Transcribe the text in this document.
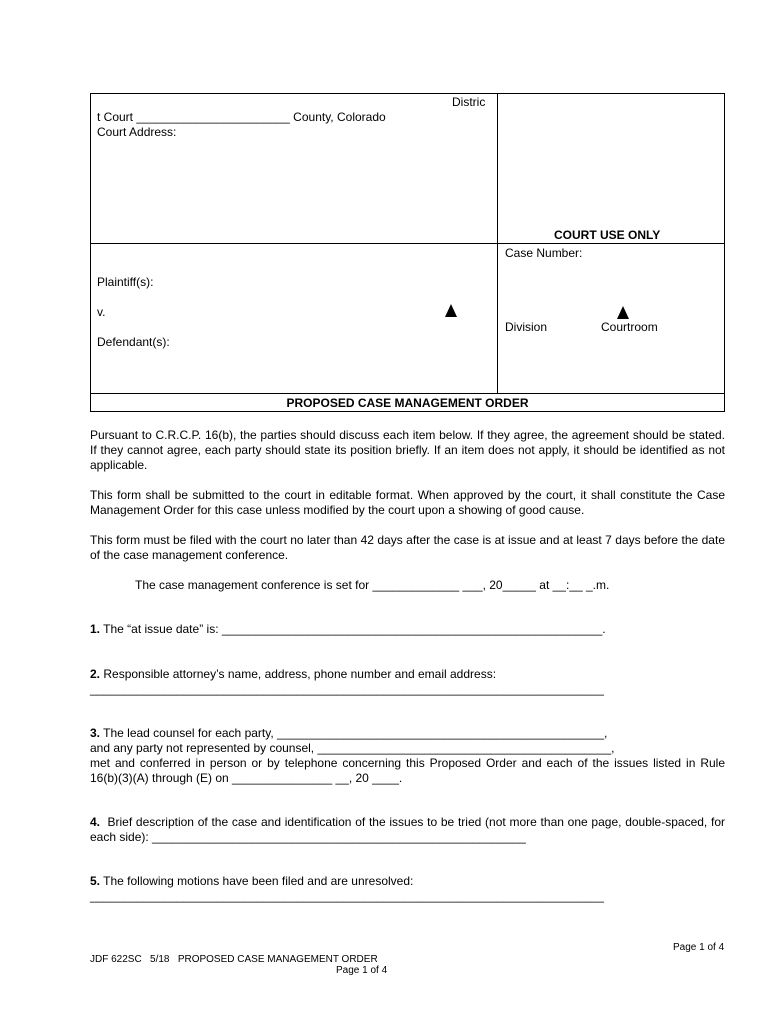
Distric
t Court _______________________ County, Colorado
Court Address:
COURT USE ONLY
Plaintiff(s):
v.
Defendant(s):
Case Number:
Division	Courtroom
PROPOSED CASE MANAGEMENT ORDER
Pursuant to C.R.C.P. 16(b), the parties should discuss each item below. If they agree, the agreement should be stated. If they cannot agree, each party should state its position briefly. If an item does not apply, it should be identified as not applicable.
This form shall be submitted to the court in editable format. When approved by the court, it shall constitute the Case Management Order for this case unless modified by the court upon a showing of good cause.
This form must be filed with the court no later than 42 days after the case is at issue and at least 7 days before the date of the case management conference.
The case management conference is set for _____________ ___, 20_____ at __:__ _.m.
1. The “at issue date” is: _________________________________________________________.
2. Responsible attorney’s name, address, phone number and email address:
_____________________________________________________________________________
3. The lead counsel for each party, _________________________________________________,
and any party not represented by counsel, ____________________________________________,
met and conferred in person or by telephone concerning this Proposed Order and each of the issues listed in Rule 16(b)(3)(A) through (E) on _______________ __, 20 ____.
4. Brief description of the case and identification of the issues to be tried (not more than one page, double-spaced, for each side): ________________________________________________________
5. The following motions have been filed and are unresolved:
_____________________________________________________________________________
Page 1 of 4
JDF 622SC   5/18   PROPOSED CASE MANAGEMENT ORDER
Page 1 of 4
